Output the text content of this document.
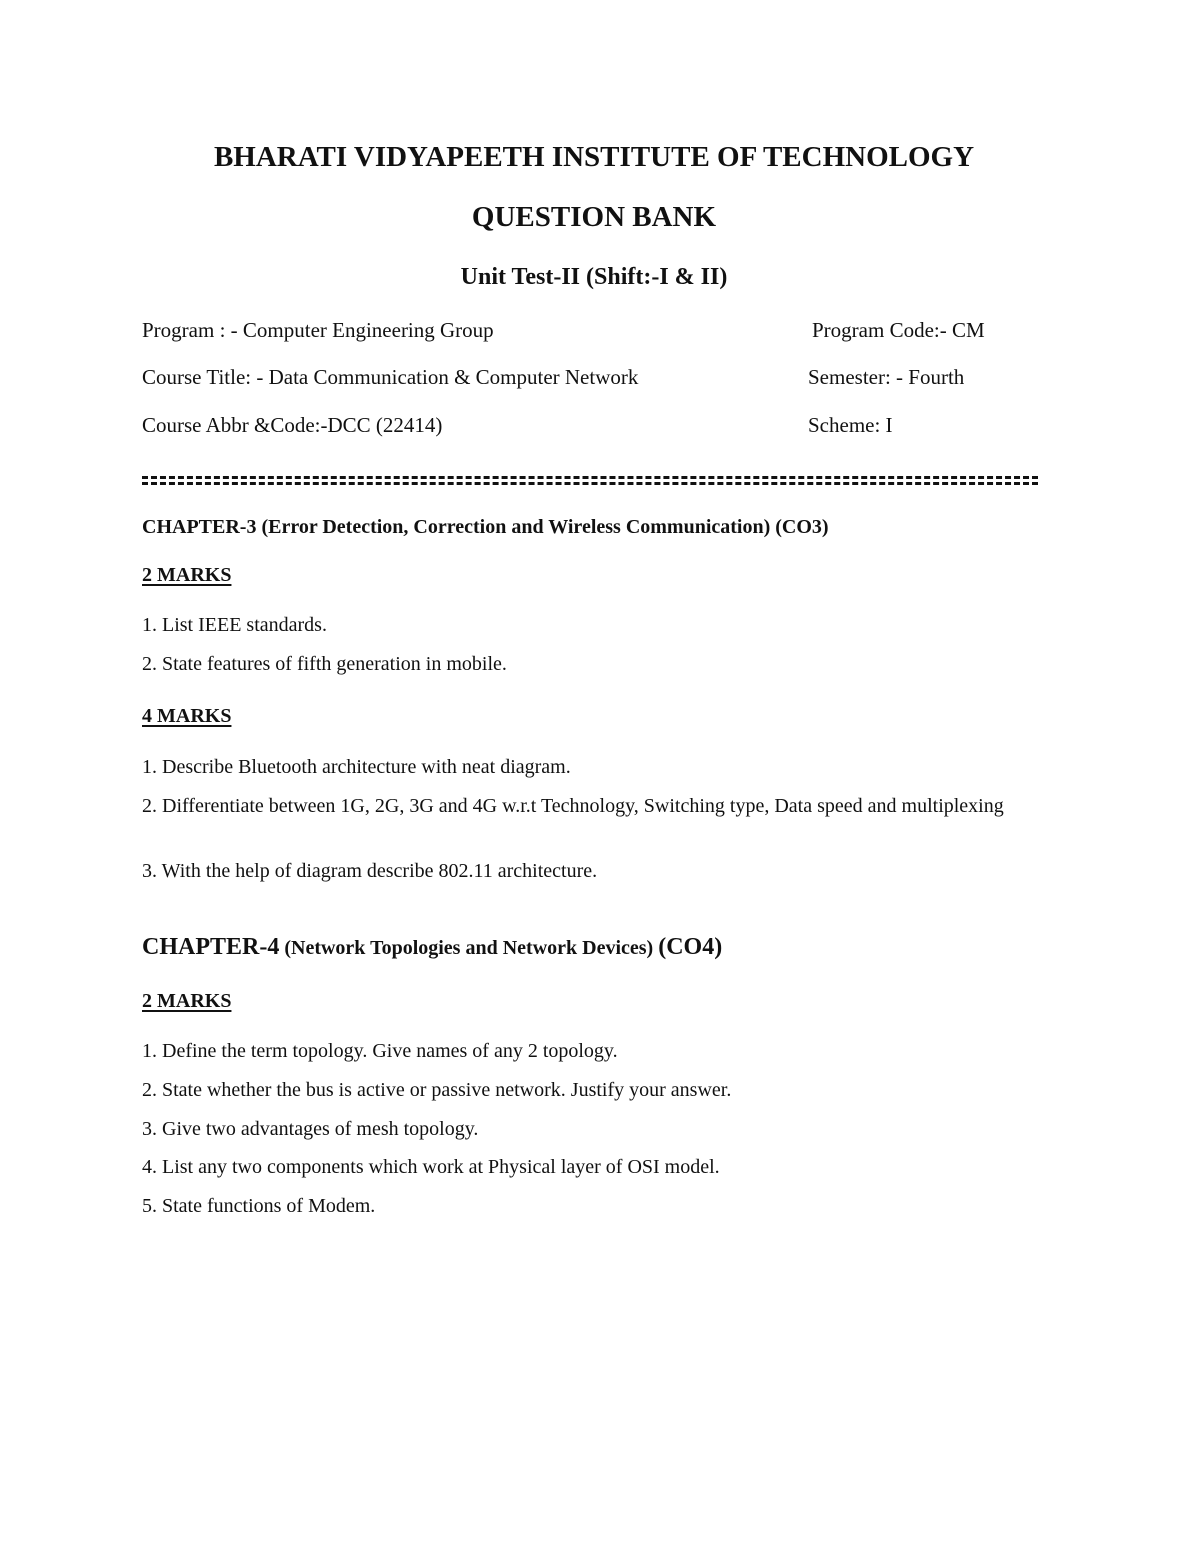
BHARATI VIDYAPEETH INSTITUTE OF TECHNOLOGY
QUESTION BANK
Unit Test-II (Shift:-I & II)
Program : - Computer Engineering Group	Program Code:- CM
Course Title: - Data Communication & Computer Network	Semester: - Fourth
Course Abbr &Code:-DCC (22414)	Scheme: I
CHAPTER-3 (Error Detection, Correction and Wireless Communication) (CO3)
2 MARKS
1. List IEEE standards.
2. State features of fifth generation in mobile.
4 MARKS
1. Describe Bluetooth architecture with neat diagram.
2. Differentiate between 1G, 2G, 3G and 4G w.r.t Technology, Switching type, Data speed and multiplexing
3. With the help of diagram describe 802.11 architecture.
CHAPTER-4 (Network Topologies and Network Devices) (CO4)
2 MARKS
1. Define the term topology. Give names of any 2 topology.
2. State whether the bus is active or passive network. Justify your answer.
3. Give two advantages of mesh topology.
4. List any two components which work at Physical layer of OSI model.
5. State functions of Modem.
